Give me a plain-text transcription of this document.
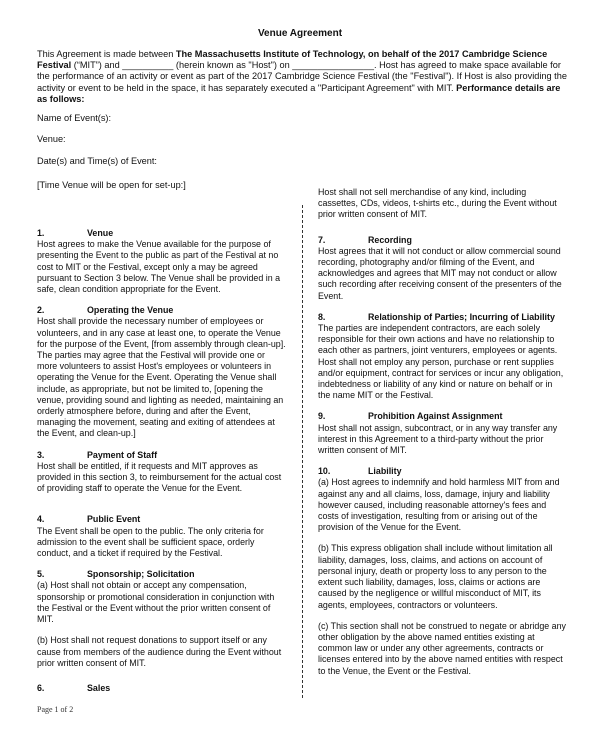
Venue Agreement
This Agreement is made between The Massachusetts Institute of Technology, on behalf of the 2017 Cambridge Science Festival (“MIT”) and __________ (herein known as "Host") on ________________. Host has agreed to make space available for the performance of an activity or event as part of the 2017 Cambridge Science Festival (the "Festival"). If Host is also providing the activity or event to be held in the space, it has separately executed a "Participant Agreement" with MIT. Performance details are as follows:
Name of Event(s):
Venue:
Date(s) and Time(s) of Event:
[Time Venue will be open for set-up:]
1.	Venue
Host agrees to make the Venue available for the purpose of presenting the Event to the public as part of the Festival at no cost to MIT or the Festival, except only a may be agreed pursuant to Section 3 below. The Venue shall be provided in a safe, clean condition appropriate for the Event.
2.	Operating the Venue
Host shall provide the necessary number of employees or volunteers, and in any case at least one, to operate the Venue for the purpose of the Event, [from assembly through clean-up]. The parties may agree that the Festival will provide one or more volunteers to assist Host's employees or volunteers in operating the Venue for the Event. Operating the Venue shall include, as appropriate, but not be limited to, [opening the venue, providing sound and lighting as needed, maintaining an orderly atmosphere before, during and after the Event, managing the movement, seating and exiting of attendees at the Event, and clean-up.]
3.	Payment of Staff
Host shall be entitled, if it requests and MIT approves as provided in this section 3, to reimbursement for the actual cost of providing staff to operate the Venue for the Event.
4.	Public Event
The Event shall be open to the public. The only criteria for admission to the event shall be sufficient space, orderly conduct, and a ticket if required by the Festival.
5.	Sponsorship; Solicitation
(a) Host shall not obtain or accept any compensation, sponsorship or promotional consideration in conjunction with the Festival or the Event without the prior written consent of MIT.
(b) Host shall not request donations to support itself or any cause from members of the audience during the Event without prior written consent of MIT.
6.	Sales
Host shall not sell merchandise of any kind, including cassettes, CDs, videos, t-shirts etc., during the Event without prior written consent of MIT.
7.	Recording
Host agrees that it will not conduct or allow commercial sound recording, photography and/or filming of the Event, and acknowledges and agrees that MIT may not conduct or allow such recording after receiving consent of the presenters of the Event.
8.	Relationship of Parties; Incurring of Liability
The parties are independent contractors, are each solely responsible for their own actions and have no relationship to each other as partners, joint venturers, employees or agents. Host shall not employ any person, purchase or rent supplies and/or equipment, contract for services or incur any obligation, indebtedness or liability of any kind or nature on behalf or in the name MIT or the Festival.
9.	Prohibition Against Assignment
Host shall not assign, subcontract, or in any way transfer any interest in this Agreement to a third-party without the prior written consent of MIT.
10.	Liability
(a) Host agrees to indemnify and hold harmless MIT from and against any and all claims, loss, damage, injury and liability however caused, including reasonable attorney's fees and costs of investigation, resulting from or arising out of the provision of the Venue for the Event.
(b) This express obligation shall include without limitation all liability, damages, loss, claims, and actions on account of personal injury, death or property loss to any person to the extent such liability, damages, loss, claims or actions are caused by the negligence or willful misconduct of MIT, its agents, employees, contractors or volunteers.
(c) This section shall not be construed to negate or abridge any other obligation by the above named entities existing at common law or under any other agreements, contracts or licenses entered into by the above named entities with respect to the Venue, the Event or the Festival.
Page 1 of 2
